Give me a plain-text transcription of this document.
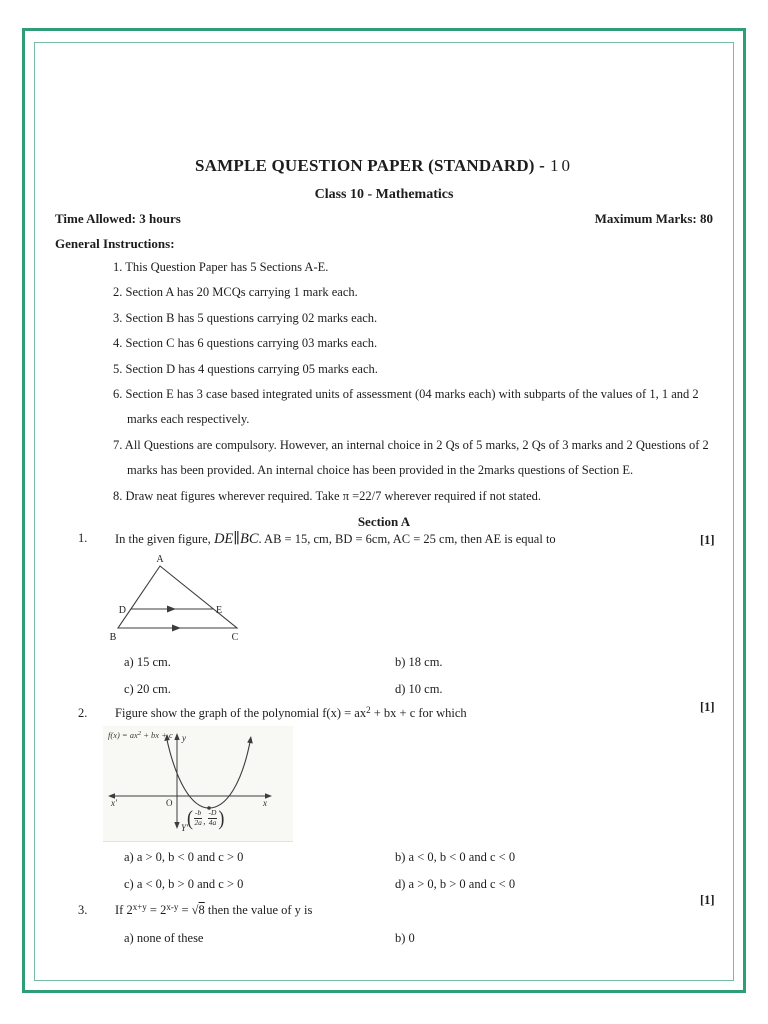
SAMPLE QUESTION PAPER (STANDARD) - 10
Class 10 - Mathematics
Time Allowed: 3 hours	Maximum Marks: 80
General Instructions:
1. This Question Paper has 5 Sections A-E.
2. Section A has 20 MCQs carrying 1 mark each.
3. Section B has 5 questions carrying 02 marks each.
4. Section C has 6 questions carrying 03 marks each.
5. Section D has 4 questions carrying 05 marks each.
6. Section E has 3 case based integrated units of assessment (04 marks each) with subparts of the values of 1, 1 and 2 marks each respectively.
7. All Questions are compulsory. However, an internal choice in 2 Qs of 5 marks, 2 Qs of 3 marks and 2 Questions of 2 marks has been provided. An internal choice has been provided in the 2marks questions of Section E.
8. Draw neat figures wherever required. Take π =22/7 wherever required if not stated.
Section A
1. In the given figure, DE∥BC. AB = 15, cm, BD = 6cm, AC = 25 cm, then AE is equal to	[1]
A
B	C
D	E
a) 15 cm.	b) 18 cm.
c) 20 cm.	d) 10 cm.
2. Figure show the graph of the polynomial $f(x) = ax^2$ + bx + c for which	[1]
y
Y'
x'	x
O
$f(x) = ax^2$ + bx + c
( $\frac{-b}{2a}$ , $\frac{-D}{4a}$ )
a) a > 0, b < 0 and c > 0	b) a < 0, b < 0 and c < 0
c) a < 0, b > 0 and c > 0	d) a > 0, b > 0 and c < 0
3. If $2^{x+y} = 2^{x-y} = √8$ then the value of y is
[1]
a) none of these	b) 0
